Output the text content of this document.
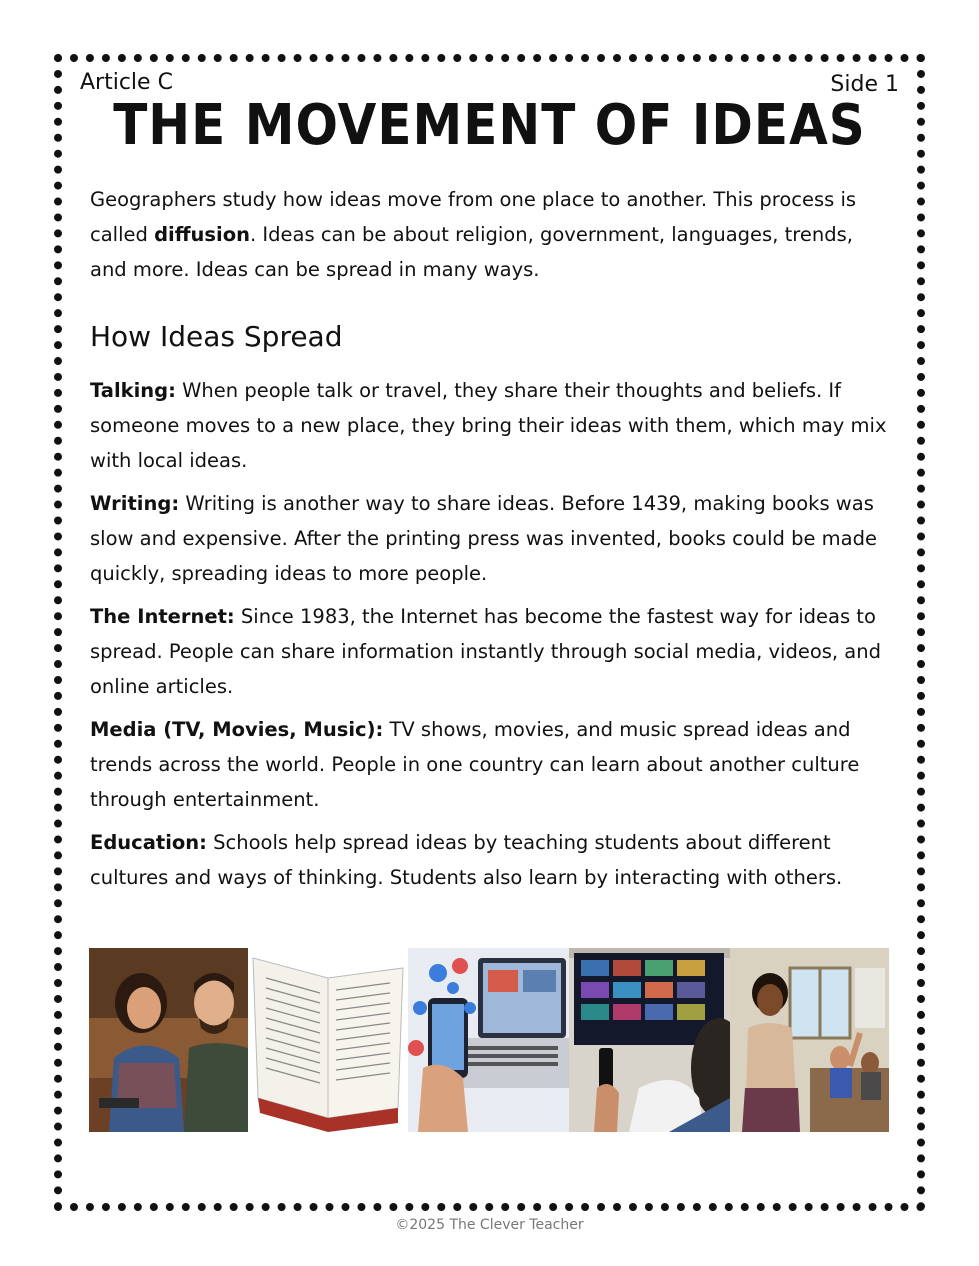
Article C	Side 1
THE MOVEMENT OF IDEAS
Geographers study how ideas move from one place to another. This process is called diffusion. Ideas can be about religion, government, languages, trends, and more. Ideas can be spread in many ways.
How Ideas Spread
Talking: When people talk or travel, they share their thoughts and beliefs. If someone moves to a new place, they bring their ideas with them, which may mix with local ideas.
Writing: Writing is another way to share ideas. Before 1439, making books was slow and expensive. After the printing press was invented, books could be made quickly, spreading ideas to more people.
The Internet: Since 1983, the Internet has become the fastest way for ideas to spread. People can share information instantly through social media, videos, and online articles.
Media (TV, Movies, Music): TV shows, movies, and music spread ideas and trends across the world. People in one country can learn about another culture through entertainment.
Education: Schools help spread ideas by teaching students about different cultures and ways of thinking. Students also learn by interacting with others.
©2025 The Clever Teacher
